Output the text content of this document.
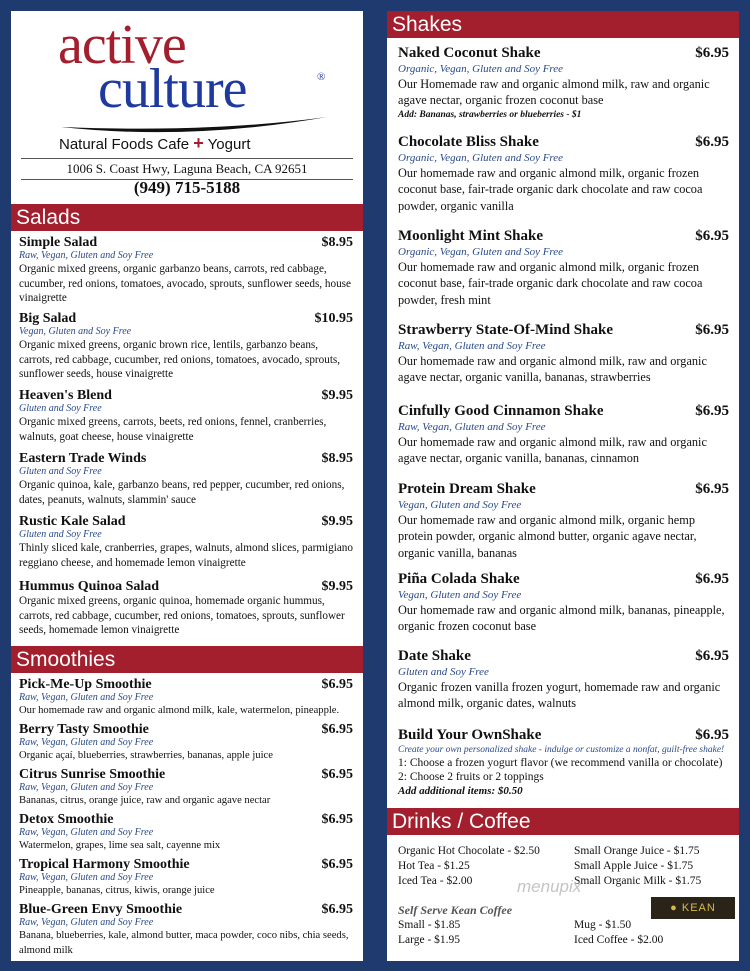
active
culture	®
Natural Foods Cafe + Yogurt
1006 S. Coast Hwy, Laguna Beach, CA 92651
(949) 715-5188
Salads
Simple Salad	$8.95
Raw, Vegan, Gluten and Soy Free
Organic mixed greens, organic garbanzo beans, carrots, red cabbage, cucumber, red onions, tomatoes, avocado, sprouts, sunflower seeds, house vinaigrette
Big Salad	$10.95
Vegan, Gluten and Soy Free
Organic mixed greens, organic brown rice, lentils, garbanzo beans, carrots, red cabbage, cucumber, red onions, tomatoes, avocado, sprouts, sunflower seeds, house vinaigrette
Heaven's Blend	$9.95
Gluten and Soy Free
Organic mixed greens, carrots, beets, red onions, fennel, cranberries, walnuts, goat cheese, house vinaigrette
Eastern Trade Winds	$8.95
Gluten and Soy Free
Organic quinoa, kale, garbanzo beans, red pepper, cucumber, red onions, dates, peanuts, walnuts, slammin' sauce
Rustic Kale Salad	$9.95
Gluten and Soy Free
Thinly sliced kale, cranberries, grapes, walnuts, almond slices, parmigiano reggiano cheese, and homemade lemon vinaigrette
Hummus Quinoa Salad	$9.95
Organic mixed greens, organic quinoa, homemade organic hummus, carrots, red cabbage, cucumber, red onions, tomatoes, sprouts, sunflower seeds, homemade lemon vinaigrette
Smoothies
Pick-Me-Up Smoothie	$6.95
Raw, Vegan, Gluten and Soy Free
Our homemade raw and organic almond milk, kale, watermelon, pineapple.
Berry Tasty Smoothie	$6.95
Raw, Vegan, Gluten and Soy Free
Organic açaí, blueberries, strawberries, bananas, apple juice
Citrus Sunrise Smoothie	$6.95
Raw, Vegan, Gluten and Soy Free
Bananas, citrus, orange juice, raw and organic agave nectar
Detox Smoothie	$6.95
Raw, Vegan, Gluten and Soy Free
Watermelon, grapes, lime sea salt, cayenne mix
Tropical Harmony Smoothie	$6.95
Raw, Vegan, Gluten and Soy Free
Pineapple, bananas, citrus, kiwis, orange juice
Blue-Green Envy Smoothie	$6.95
Raw, Vegan, Gluten and Soy Free
Banana, blueberries, kale, almond butter, maca powder, coco nibs, chia seeds, almond milk
Shakes
Naked Coconut Shake	$6.95
Organic, Vegan, Gluten and Soy Free
Our Homemade raw and organic almond milk, raw and organic agave nectar, organic frozen coconut base
Add: Bananas, strawberries or blueberries - $1
Chocolate Bliss Shake	$6.95
Organic, Vegan, Gluten and Soy Free
Our homemade raw and organic almond milk, organic frozen coconut base, fair-trade organic dark chocolate and raw cocoa powder, organic vanilla
Moonlight Mint Shake	$6.95
Organic, Vegan, Gluten and Soy Free
Our homemade raw and organic almond milk, organic frozen coconut base, fair-trade organic dark chocolate and raw cocoa powder, fresh mint
Strawberry State-Of-Mind Shake	$6.95
Raw, Vegan, Gluten and Soy Free
Our homemade raw and organic almond milk, raw and organic agave nectar, organic vanilla, bananas, strawberries
Cinfully Good Cinnamon Shake	$6.95
Raw, Vegan, Gluten and Soy Free
Our homemade raw and organic almond milk, raw and organic agave nectar, organic vanilla, bananas, cinnamon
Protein Dream Shake	$6.95
Vegan, Gluten and Soy Free
Our homemade raw and organic almond milk, organic hemp protein powder, organic almond butter, organic agave nectar, organic vanilla, bananas
Piña Colada Shake	$6.95
Vegan, Gluten and Soy Free
Our homemade raw and organic almond milk, bananas, pineapple, organic frozen coconut base
Date Shake	$6.95
Gluten and Soy Free
Organic frozen vanilla frozen yogurt, homemade raw and organic almond milk, organic dates, walnuts
Build Your OwnShake	$6.95
Create your own personalized shake - indulge or customize a nonfat, guilt-free shake!
1: Choose a frozen yogurt flavor (we recommend vanilla or chocolate)
2: Choose 2 fruits or 2 toppings
Add additional items: $0.50
Drinks / Coffee
Organic Hot Chocolate - $2.50
Hot Tea - $1.25
Iced Tea - $2.00
Small Orange Juice - $1.75
Small Apple Juice - $1.75
Small Organic Milk - $1.75
menupix
Self Serve Kean Coffee	● KEAN
Small - $1.85
Large - $1.95
Mug - $1.50
Iced Coffee - $2.00
